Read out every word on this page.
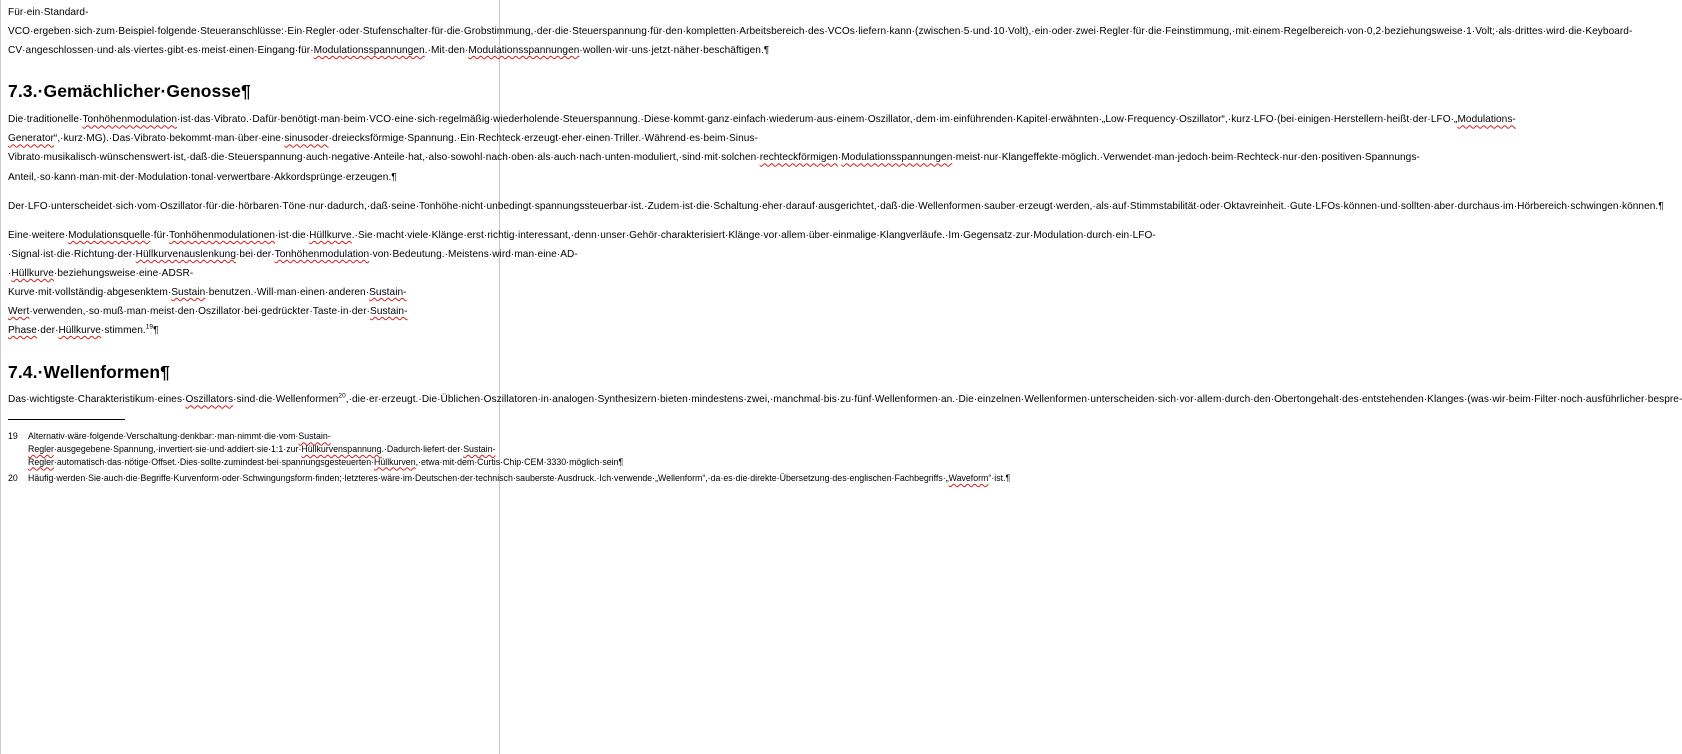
Für·ein·Standard-VCO·ergeben·sich·zum·Beispiel·folgende·Steueranschlüsse:·Ein·Regler·oder·Stufenschalter·für·die·Grobstimmung,·der·die·Steuerspannung·für·den·kompletten·Arbeitsbereich·des·VCOs·liefern·kann·(zwischen·5·und·10·Volt),·ein·oder·zwei·Regler·für·die·Feinstimmung,·mit·einem·Regelbereich·von·0,2·beziehungsweise·1·Volt;·als·drittes·wird·die·Keyboard-CV·angeschlossen·und·als·viertes·gibt·es·meist·einen·Eingang·für·Modulationsspannungen.·Mit·den·Modulationsspannungen·wollen·wir·uns·jetzt·näher·beschäftigen.¶

7.3.·Gemächlicher·Genosse¶

Die·traditionelle·Tonhöhenmodulation·ist·das·Vibrato.·Dafür·benötigt·man·beim·VCO·eine·sich·regelmäßig·wiederholende·Steuerspannung.·Diese·kommt·ganz·einfach·wiederum·aus·einem·Oszillator,·dem·im·einführenden·Kapitel·erwähnten·„Low·Frequency·Oszillator“,·kurz·LFO·(bei·einigen·Herstellern·heißt·der·LFO·„Modulations-Generator“,·kurz·MG).·Das·Vibrato·bekommt·man·über·eine·sinusoder·dreiecksförmige·Spannung.·Ein·Rechteck·erzeugt·eher·einen·Triller.·Während·es·beim·Sinus-Vibrato·musikalisch·wünschenswert·ist,·daß·die·Steuerspannung·auch·negative·Anteile·hat,·also·sowohl·nach·oben·als·auch·nach·unten·moduliert,·sind·mit·solchen·rechteckförmigen·Modulationsspannungen·meist·nur·Klangeffekte·möglich.·Verwendet·man·jedoch·beim·Rechteck·nur·den·positiven·Spannungs-Anteil,·so·kann·man·mit·der·Modulation·tonal·verwertbare·Akkordsprünge·erzeugen.¶

Der·LFO·unterscheidet·sich·vom·Oszillator·für·die·hörbaren·Töne·nur·dadurch,·daß·seine·Tonhöhe·nicht·unbedingt·spannungssteuerbar·ist.·Zudem·ist·die·Schaltung·eher·darauf·ausgerichtet,·daß·die·Wellenformen·sauber·erzeugt·werden,·als·auf·Stimmstabilität·oder·Oktavreinheit.·Gute·LFOs·können·und·sollten·aber·durchaus·im·Hörbereich·schwingen·können.¶

Eine·weitere·Modulationsquelle·für·Tonhöhenmodulationen·ist·die·Hüllkurve.·Sie·macht·viele·Klänge·erst·richtig·interessant,·denn·unser·Gehör·charakterisiert·Klänge·vor·allem·über·einmalige·Klangverläufe.·Im·Gegensatz·zur·Modulation·durch·ein·LFO-·Signal·ist·die·Richtung·der·Hüllkurvenauslenkung·bei·der·Tonhöhenmodulation·von·Bedeutung.·Meistens·wird·man·eine·AD-·Hüllkurve·beziehungsweise·eine·ADSR-Kurve·mit·vollständig·abgesenktem·Sustain·benutzen.·Will·man·einen·anderen·Sustain-Wert·verwenden,·so·muß·man·meist·den·Oszillator·bei·gedrückter·Taste·in·der·Sustain-Phase·der·Hüllkurve·stimmen.$^{19}$¶

7.4.·Wellenformen¶

Das·wichtigste·Charakteristikum·eines·Oszillators·sind·die·Wellenformen$^{20}$,·die·er·erzeugt.·Die·Üblichen·Oszillatoren·in·analogen·Synthesizern·bieten·mindestens·zwei,·manchmal·bis·zu·fünf·Wellenformen·an.·Die·einzelnen·Wellenformen·unterscheiden·sich·vor·allem·durch·den·Obertongehalt·des·entstehenden·Klanges·(was·wir·beim·Filter·noch·ausführlicher·bespre-

19 Alternativ·wäre·folgende·Verschaltung·denkbar:·man·nimmt·die·vom·Sustain-Regler·ausgegebene·Spannung,·invertiert·sie·und·addiert·sie·1:1·zur·Hüllkurvenspannung.·Dadurch·liefert·der·Sustain-Regler·automatisch·das·nötige·Offset.·Dies·sollte·zumindest·bei·spannungsgesteuerten·Hüllkurven,·etwa·mit·dem·Curtis·Chip·CEM·3330·möglich·sein¶
20 Häufig·werden·Sie·auch·die·Begriffe·Kurvenform·oder·Schwingungsform·finden;·letzteres·wäre·im·Deutschen·der·technisch·sauberste·Ausdruck.·Ich·verwende·„Wellenform“,·da·es·die·direkte·Übersetzung·des·englischen·Fachbegriffs·„Waveform“·ist.¶
